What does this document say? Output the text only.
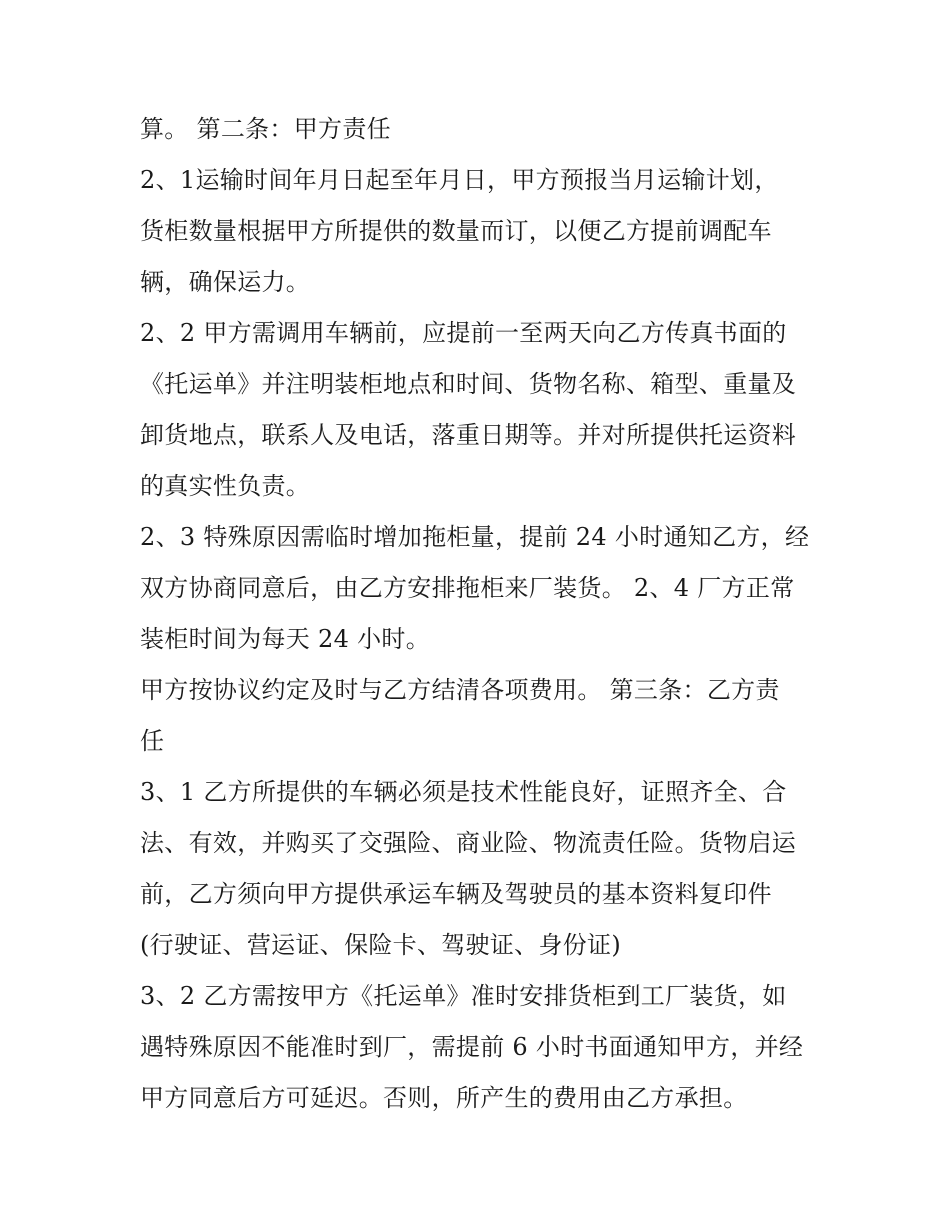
算。 第二条：甲方责任
2、1运输时间年月日起至年月日，甲方预报当月运输计划，
货柜数量根据甲方所提供的数量而订，以便乙方提前调配车
辆，确保运力。
2、2 甲方需调用车辆前，应提前一至两天向乙方传真书面的
《托运单》并注明装柜地点和时间、货物名称、箱型、重量及
卸货地点，联系人及电话，落重日期等。并对所提供托运资料
的真实性负责。
2、3 特殊原因需临时增加拖柜量，提前 24 小时通知乙方，经
双方协商同意后，由乙方安排拖柜来厂装货。 2、4 厂方正常
装柜时间为每天 24 小时。
甲方按协议约定及时与乙方结清各项费用。 第三条：乙方责
任
3、1 乙方所提供的车辆必须是技术性能良好，证照齐全、合
法、有效，并购买了交强险、商业险、物流责任险。货物启运
前，乙方须向甲方提供承运车辆及驾驶员的基本资料复印件
(行驶证、营运证、保险卡、驾驶证、身份证)
3、2 乙方需按甲方《托运单》准时安排货柜到工厂装货，如
遇特殊原因不能准时到厂，需提前 6 小时书面通知甲方，并经
甲方同意后方可延迟。否则，所产生的费用由乙方承担。
